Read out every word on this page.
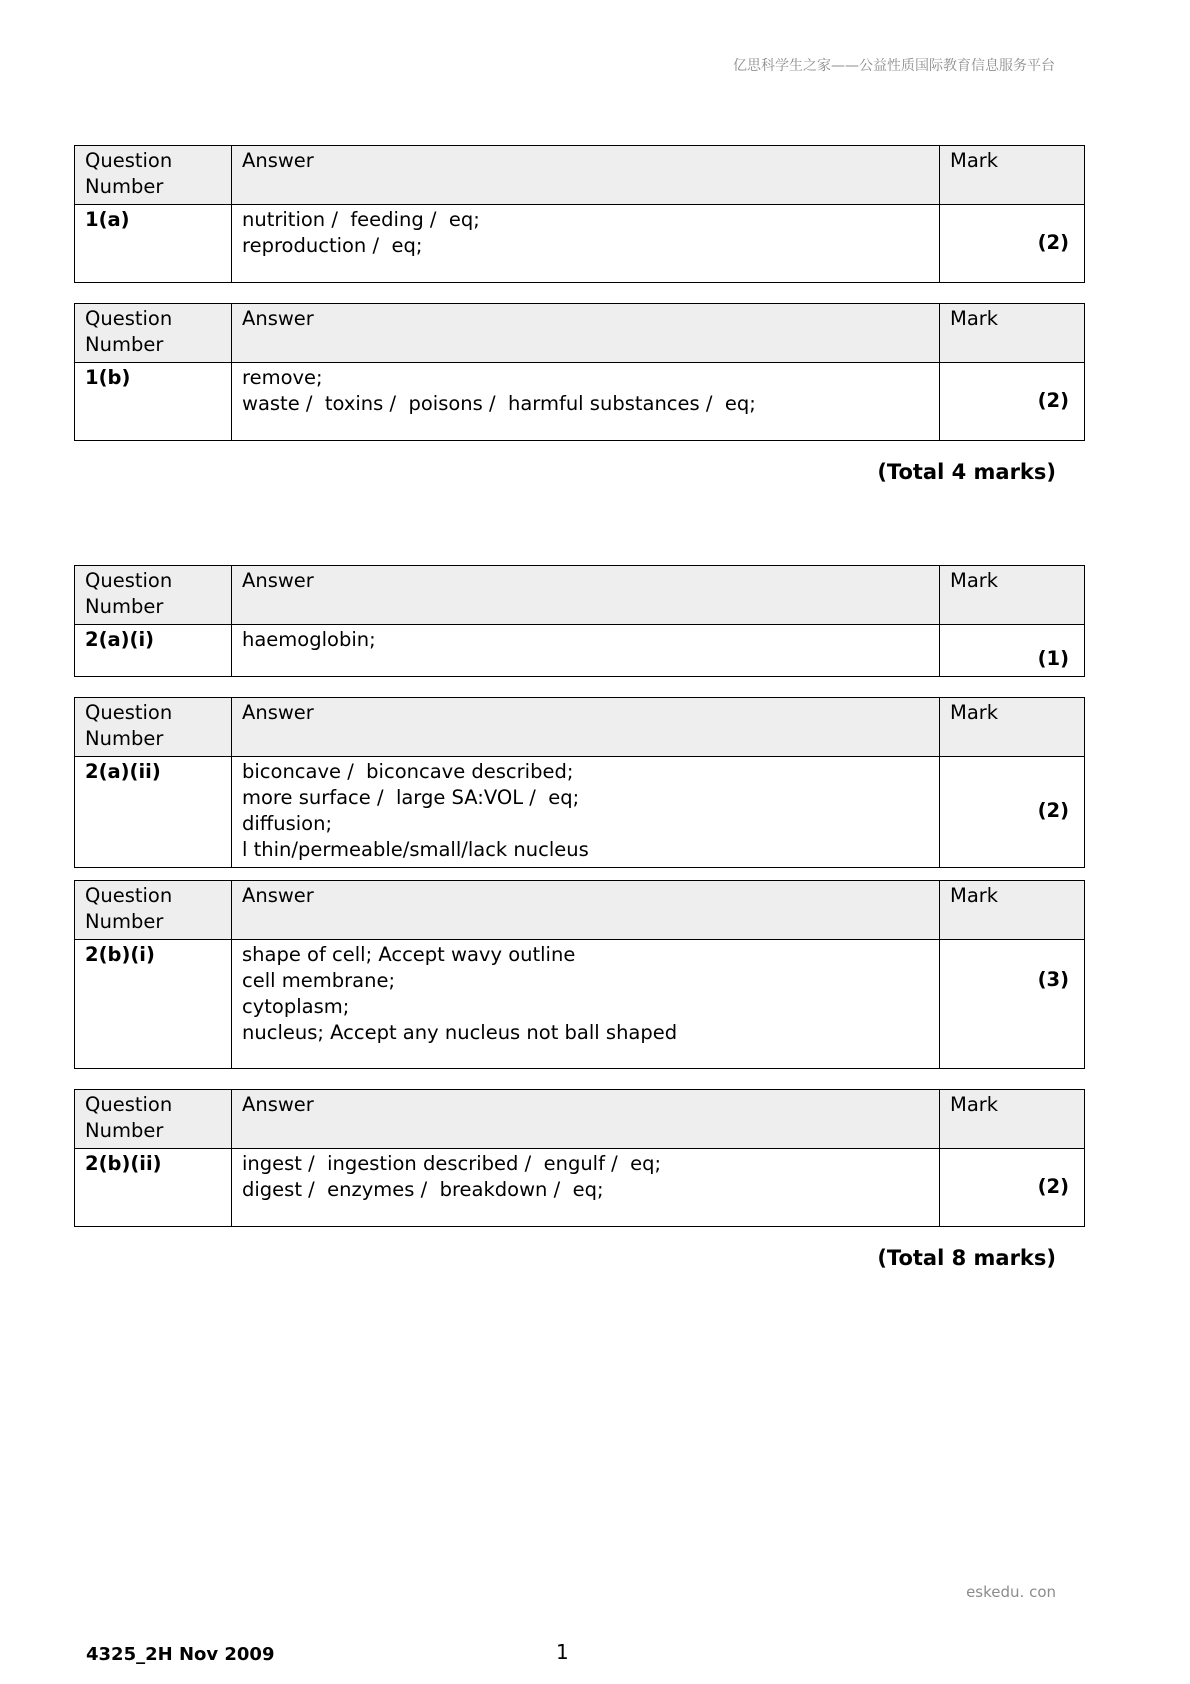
亿思科学生之家——公益性质国际教育信息服务平台
Question Number	Answer	Mark
1(a)	nutrition /  feeding /  eq;
reproduction /  eq;	(2)
Question Number	Answer	Mark
1(b)	remove;
waste /  toxins /  poisons /  harmful substances /  eq;	(2)
(Total 4 marks)
Question Number	Answer	Mark
2(a)(i)	haemoglobin;	(1)
Question Number	Answer	Mark
2(a)(ii)	biconcave /  biconcave described;
more surface /  large SA:VOL /  eq;
diffusion;
l thin/permeable/small/lack nucleus	(2)
Question Number	Answer	Mark
2(b)(i)	shape of cell; Accept wavy outline
cell membrane;
cytoplasm;
nucleus; Accept any nucleus not ball shaped	(3)
Question Number	Answer	Mark
2(b)(ii)	ingest /  ingestion described /  engulf /  eq;
digest /  enzymes /  breakdown /  eq;	(2)
(Total 8 marks)
eskedu. con
4325_2H Nov 2009	1
